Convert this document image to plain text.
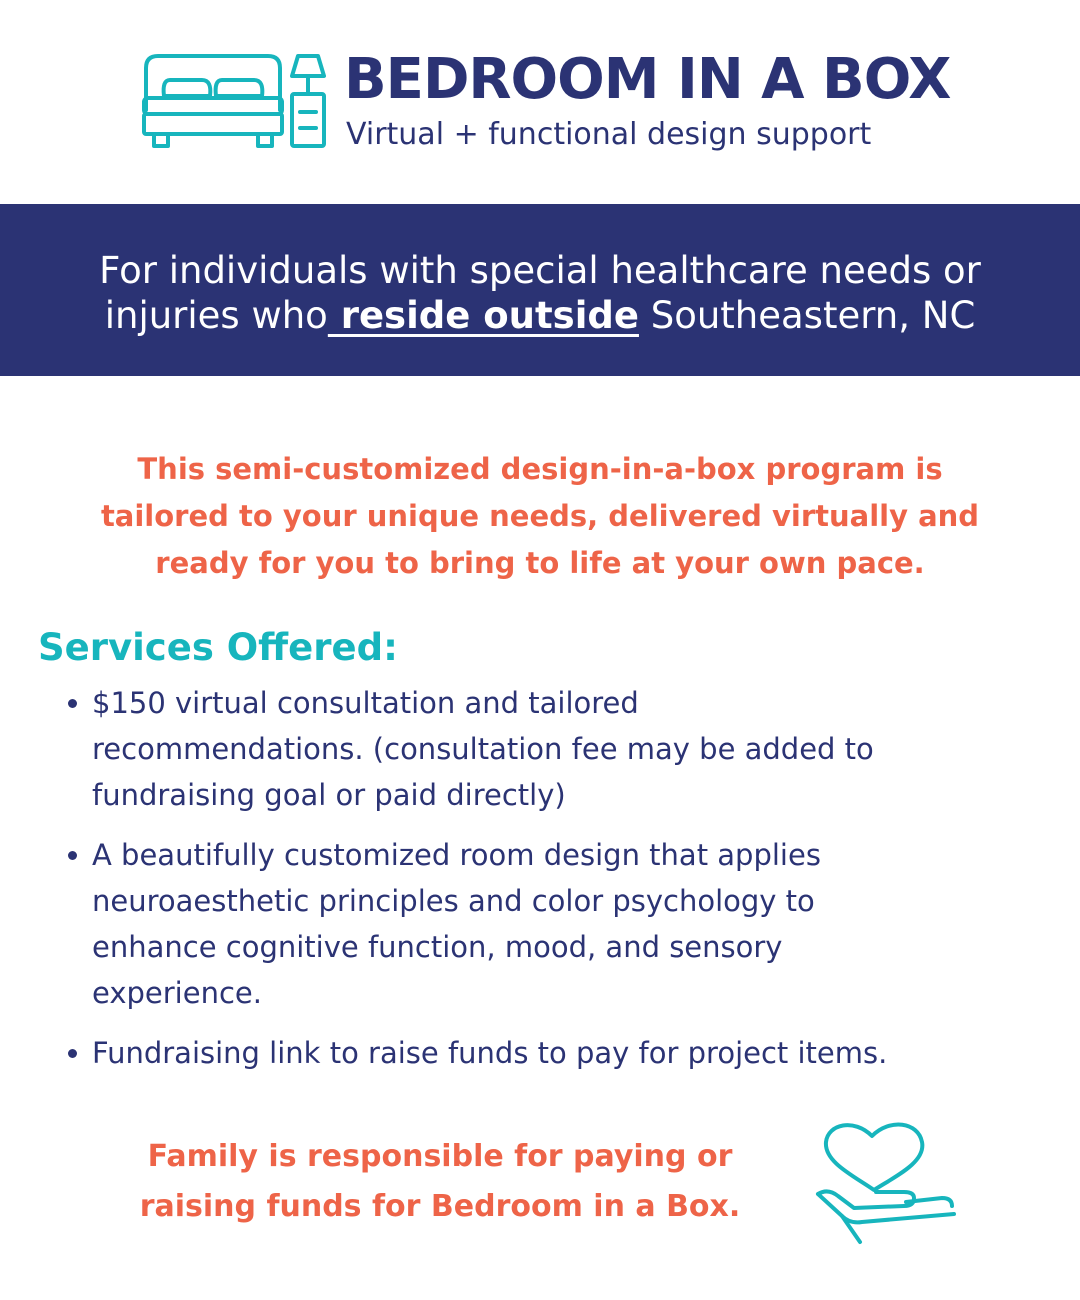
BEDROOM IN A BOX
Virtual + functional design support
For individuals with special healthcare needs or
injuries who reside outside Southeastern, NC
This semi-customized design-in-a-box program is
tailored to your unique needs, delivered virtually and
ready for you to bring to life at your own pace.
Services Offered:
$150 virtual consultation and tailored
recommendations. (consultation fee may be added to
fundraising goal or paid directly)
A beautifully customized room design that applies
neuroaesthetic principles and color psychology to
enhance cognitive function, mood, and sensory
experience.
Fundraising link to raise funds to pay for project items.
Family is responsible for paying or
raising funds for Bedroom in a Box.
